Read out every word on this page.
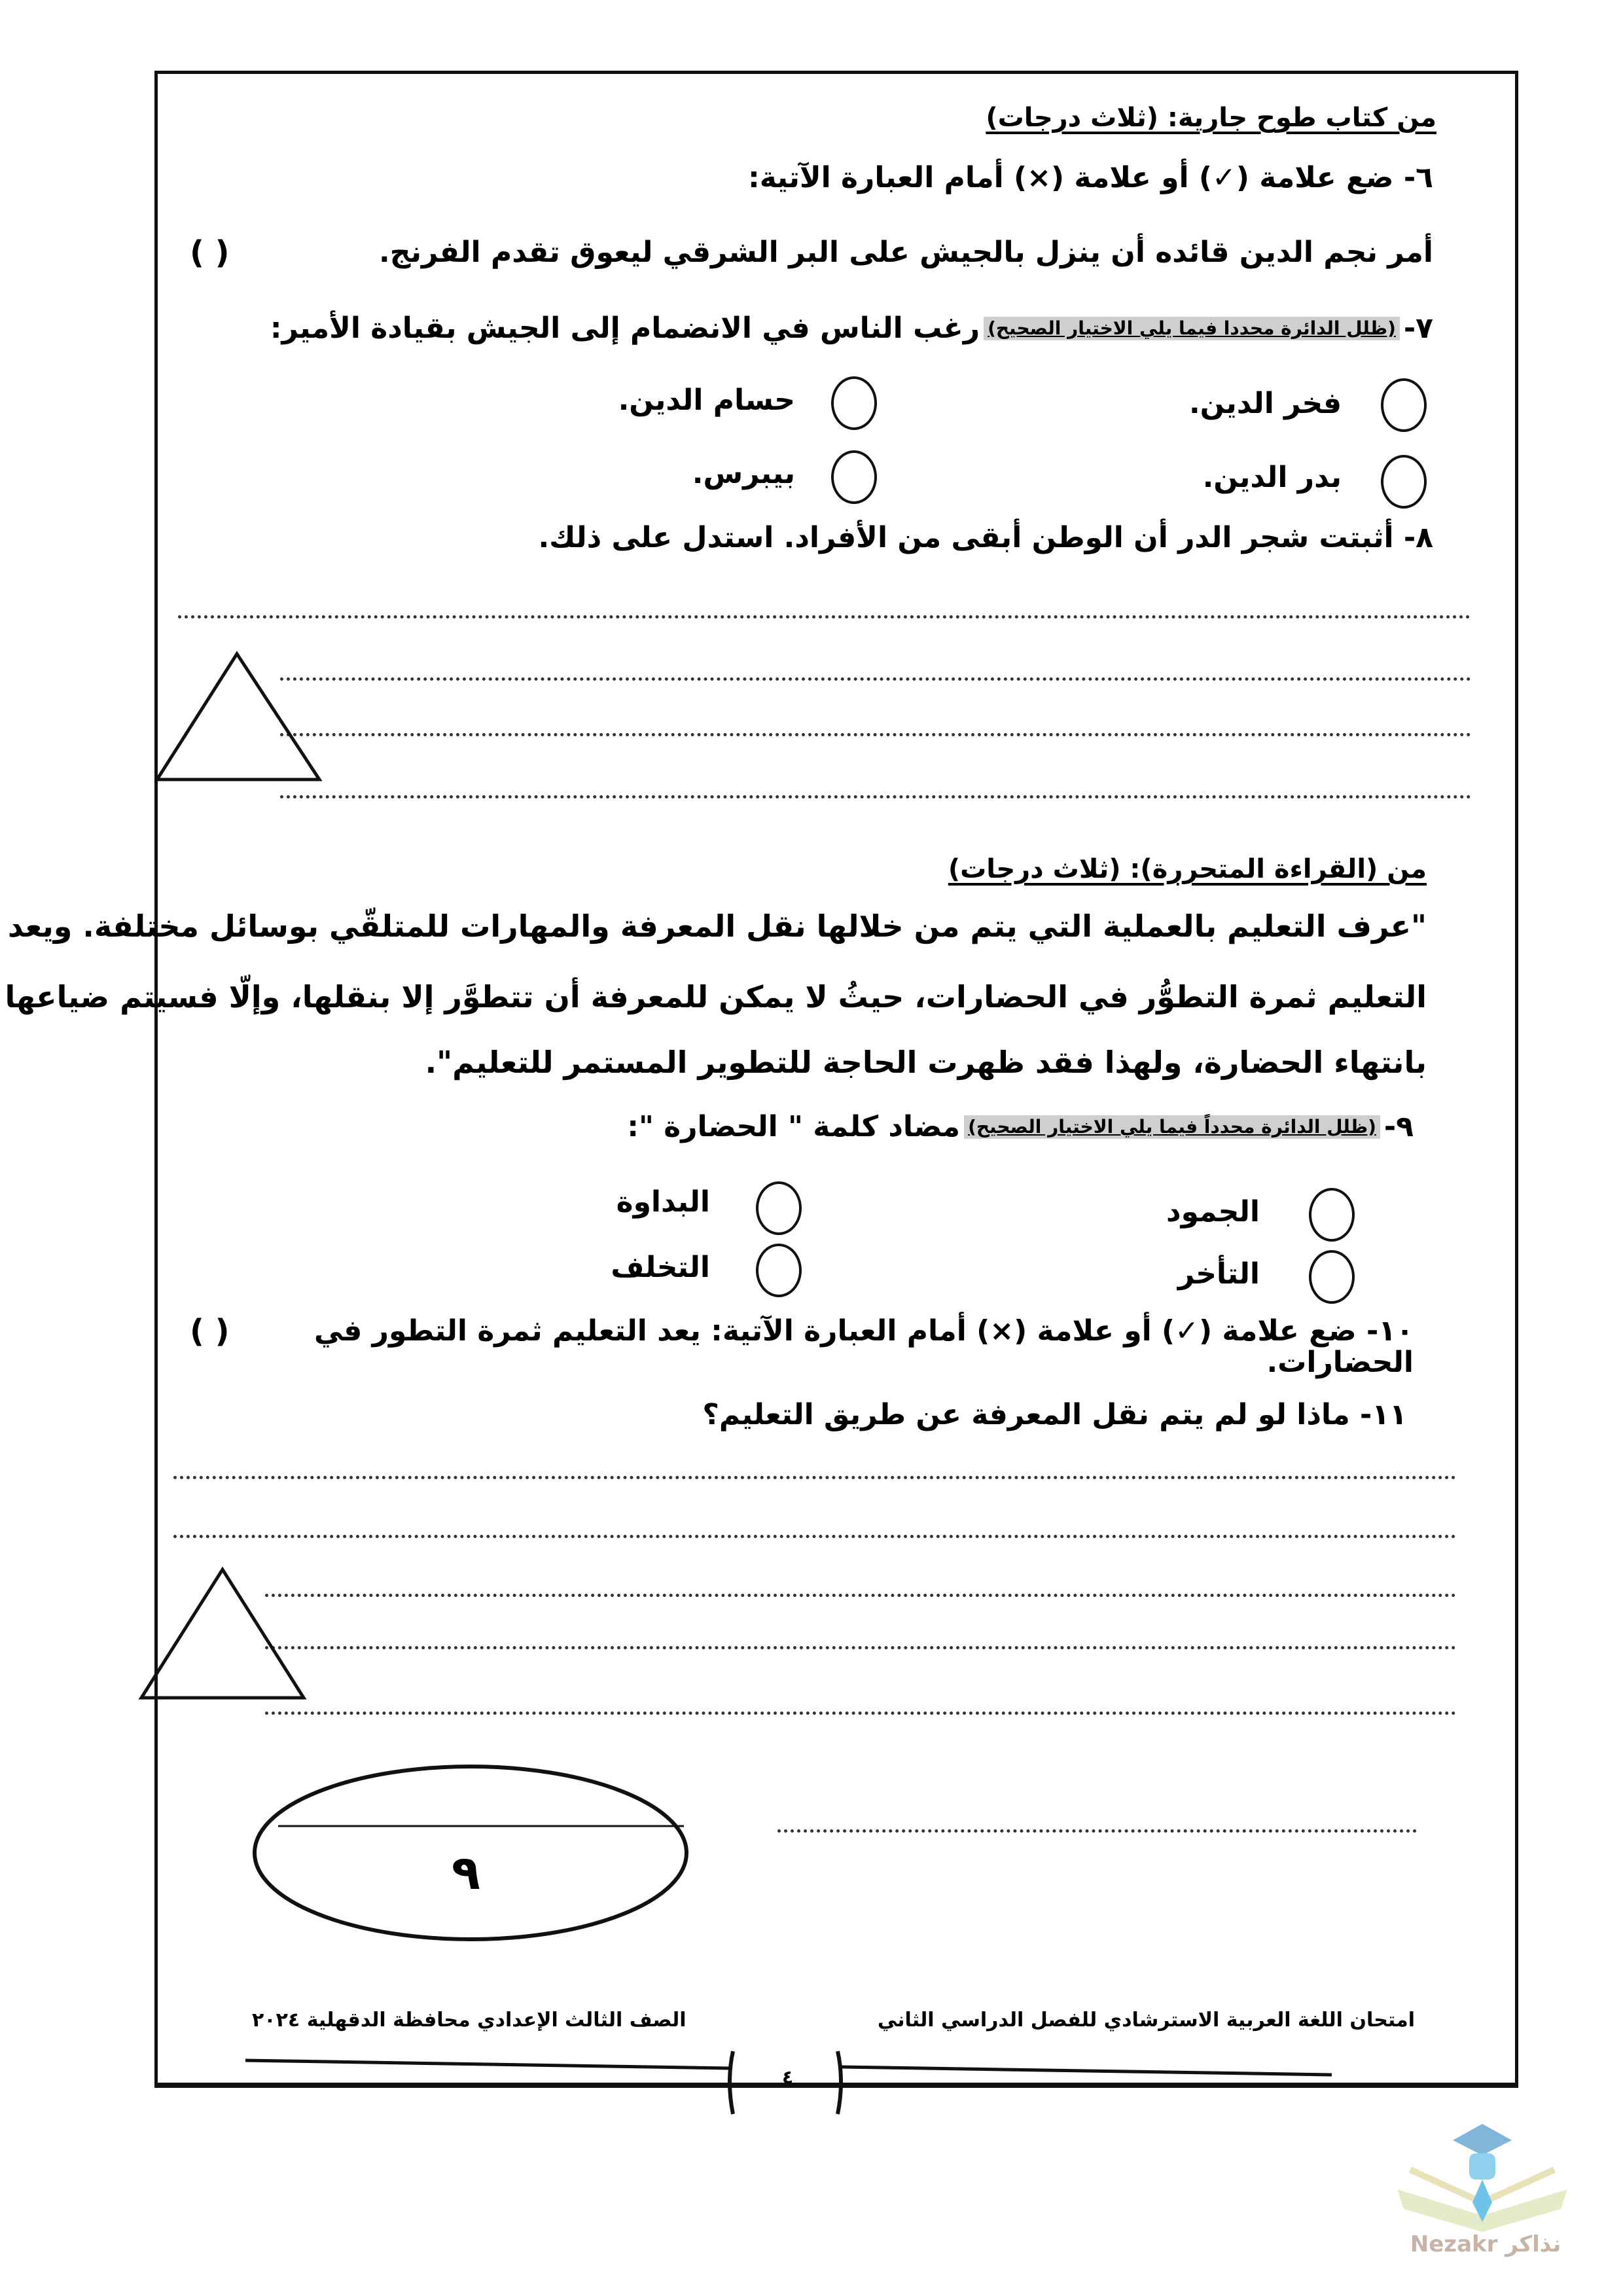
من كتاب طوح جارية: (ثلاث درجات)
٦- ضع علامة (✓) أو علامة (×) أمام العبارة الآتية:
أمر نجم الدين قائده أن ينزل بالجيش على البر الشرقي ليعوق تقدم الفرنج.
( )
٧-
(ظلل الدائرة محددا فيما يلي الاختيار الصحيح)
رغب الناس في الانضمام إلى الجيش بقيادة الأمير:
فخر الدين.
حسام الدين.
بدر الدين.
بيبرس.
٨- أثبتت شجر الدر أن الوطن أبقى من الأفراد. استدل على ذلك.
من (القراءة المتحررة): (ثلاث درجات)
"عرف التعليم بالعملية التي يتم من خلالها نقل المعرفة والمهارات للمتلقّي بوسائل مختلفة. ويعد
التعليم ثمرة التطوُّر في الحضارات، حيثُ لا يمكن للمعرفة أن تتطوَّر إلا بنقلها، وإلّا فسيتم ضياعها
بانتهاء الحضارة، ولهذا فقد ظهرت الحاجة للتطوير المستمر للتعليم".
٩-
(ظلل الدائرة محدداً فيما يلي الاختيار الصحيح)
مضاد كلمة " الحضارة ":
الجمود
البداوة
التأخر
التخلف
١٠- ضع علامة (✓) أو علامة (×) أمام العبارة الآتية: يعد التعليم ثمرة التطور في الحضارات.
( )
١١- ماذا لو لم يتم نقل المعرفة عن طريق التعليم؟
٩
امتحان اللغة العربية الاسترشادي للفصل الدراسي الثاني
الصف الثالث الإعدادي محافظة الدقهلية ٢٠٢٤
٤
Nezakr نذاكر
